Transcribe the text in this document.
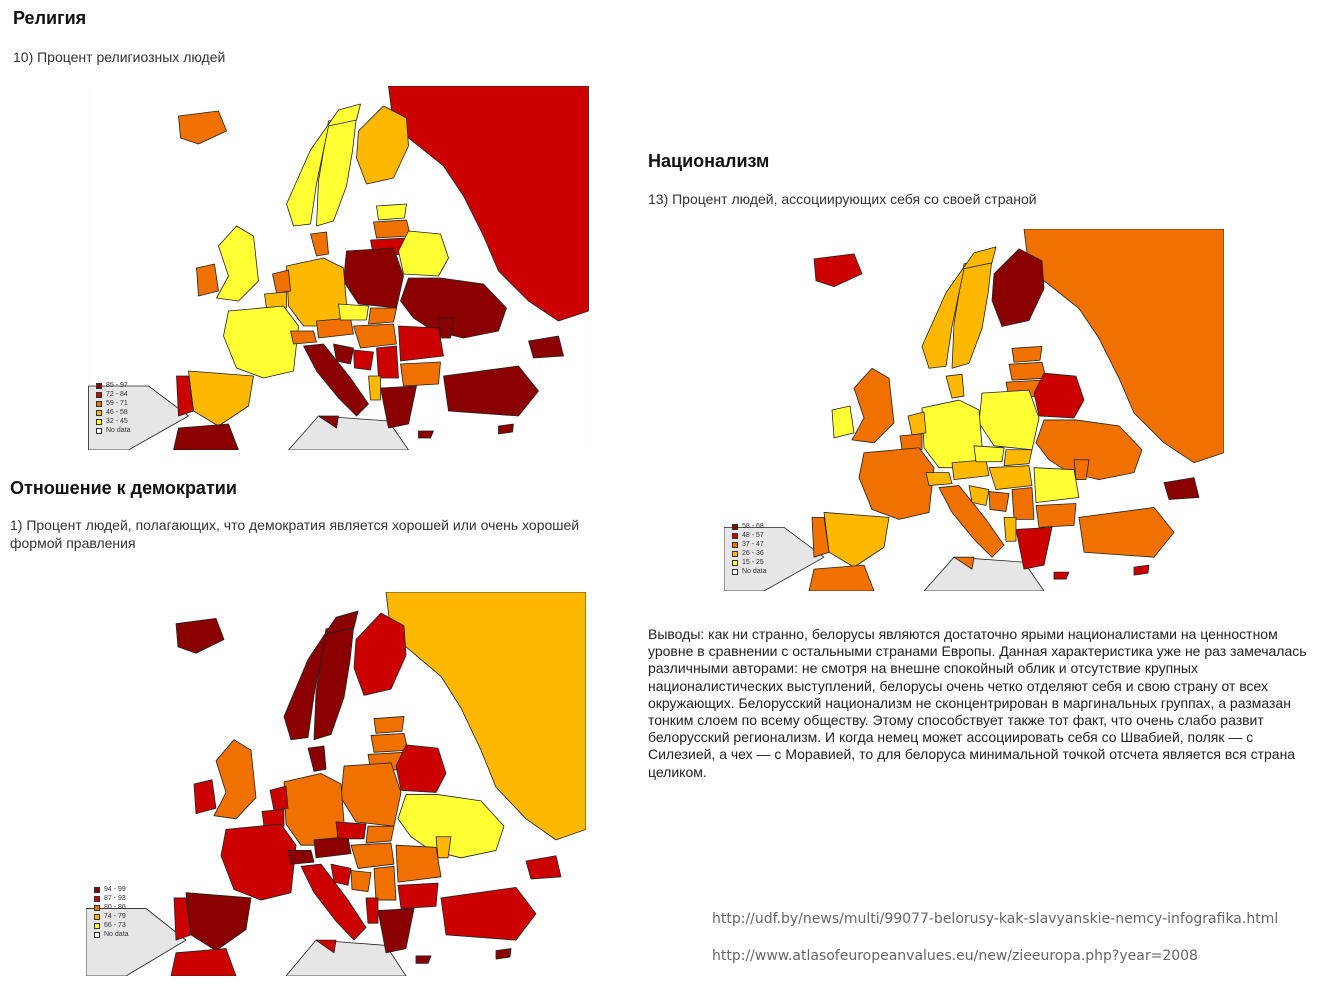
Религия
10) Процент религиозных людей
85 - 97
72 - 84
59 - 71
46 - 58
32 - 45
No data
Отношение к демократии
1) Процент людей, полагающих, что демократия является хорошей или очень хорошей
формой правления
94 - 99
87 - 93
80 - 86
74 - 79
66 - 73
No data
Национализм
13) Процент людей, ассоциирующих себя со своей страной
58 - 68
48 - 57
37 - 47
26 - 36
15 - 25
No data
Выводы: как ни странно, белорусы являются достаточно ярыми националистами на ценностном уровне в сравнении с остальными странами Европы. Данная характеристика уже не раз замечалась различными авторами: не смотря на внешне спокойный облик и отсутствие крупных националистических выступлений, белорусы очень четко отделяют себя и свою страну от всех окружающих. Белорусский национализм не сконцентрирован в маргинальных группах, а размазан тонким слоем по всему обществу. Этому способствует также тот факт, что очень слабо развит белорусский регионализм. И когда немец может ассоциировать себя со Швабией, поляк — с Силезией, а чех — с Моравией, то для белоруса минимальной точкой отсчета является вся страна целиком.
http://udf.by/news/multi/99077-belorusy-kak-slavyanskie-nemcy-infografika.html
http://www.atlasofeuropeanvalues.eu/new/zieeuropa.php?year=2008
